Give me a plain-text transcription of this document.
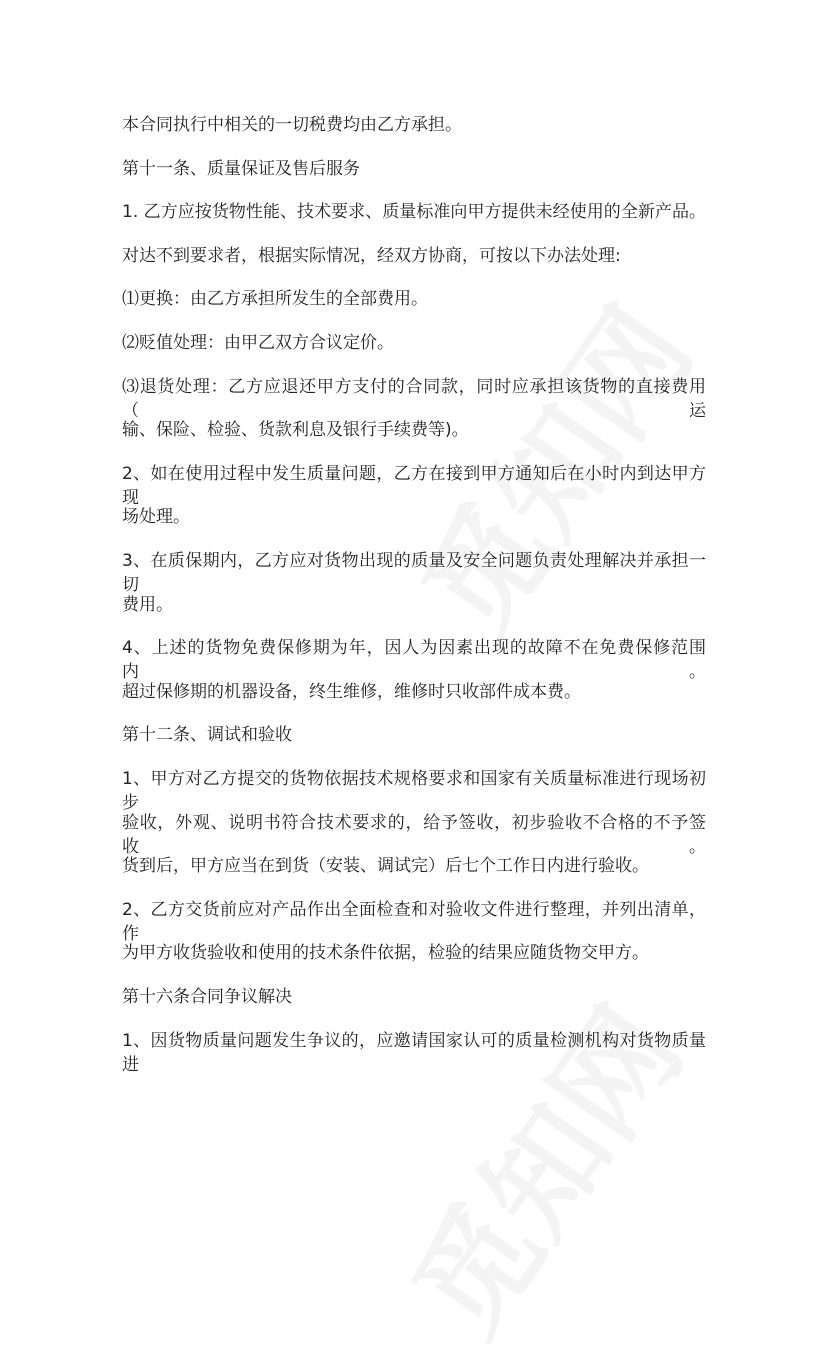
本合同执行中相关的一切税费均由乙方承担。
第十一条、质量保证及售后服务
1. 乙方应按货物性能、技术要求、质量标准向甲方提供未经使用的全新产品。
对达不到要求者，根据实际情况，经双方协商，可按以下办法处理:
⑴更换：由乙方承担所发生的全部费用。
⑵贬值处理：由甲乙双方合议定价。
⑶退货处理：乙方应退还甲方支付的合同款，同时应承担该货物的直接费用（运
输、保险、检验、货款利息及银行手续费等)。
2、如在使用过程中发生质量问题，乙方在接到甲方通知后在小时内到达甲方现
场处理。
3、在质保期内，乙方应对货物出现的质量及安全问题负责处理解决并承担一切
费用。
4、上述的货物免费保修期为年，因人为因素出现的故障不在免费保修范围内。
超过保修期的机器设备，终生维修，维修时只收部件成本费。
第十二条、调试和验收
1、甲方对乙方提交的货物依据技术规格要求和国家有关质量标准进行现场初步
验收，外观、说明书符合技术要求的，给予签收，初步验收不合格的不予签收。
货到后，甲方应当在到货（安装、调试完）后七个工作日内进行验收。
2、乙方交货前应对产品作出全面检查和对验收文件进行整理，并列出清单，作
为甲方收货验收和使用的技术条件依据，检验的结果应随货物交甲方。
第十六条合同争议解决
1、因货物质量问题发生争议的，应邀请国家认可的质量检测机构对货物质量进
